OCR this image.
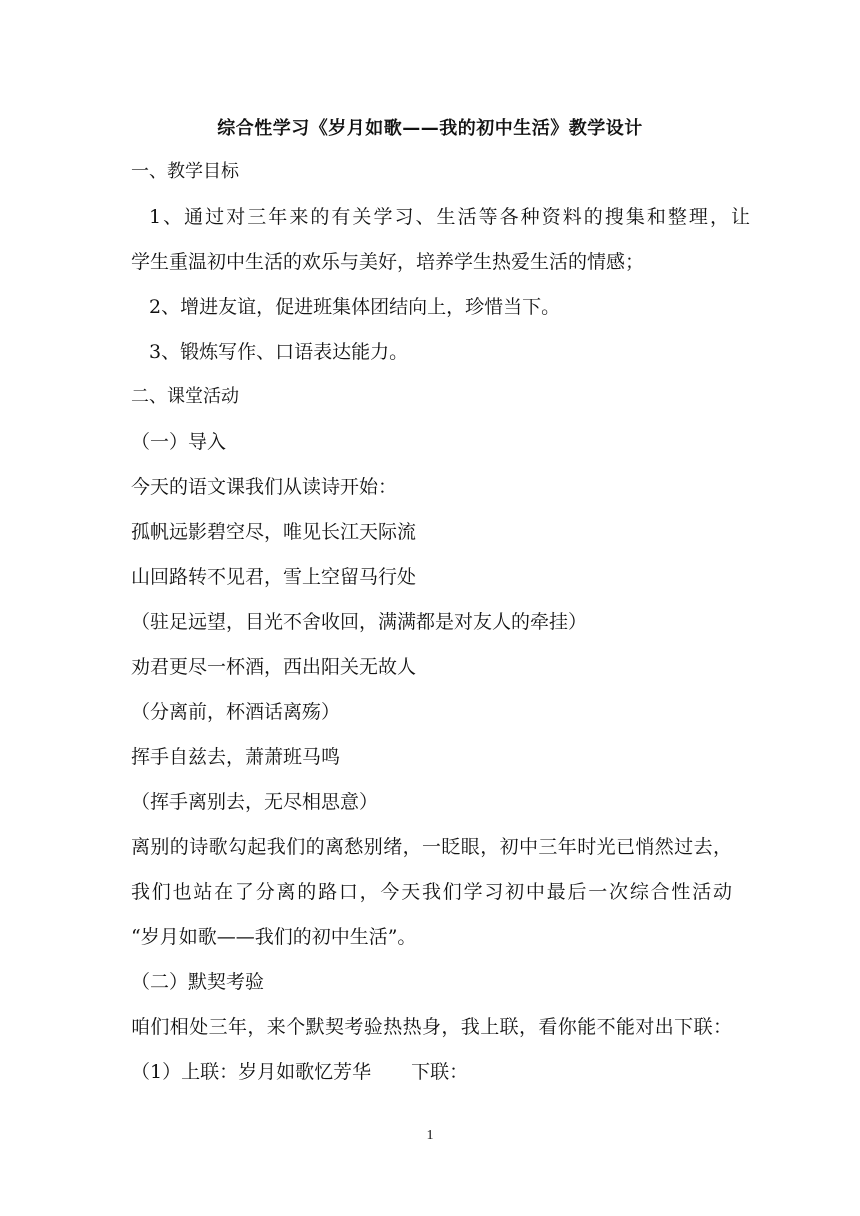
综合性学习《岁月如歌——我的初中生活》教学设计

一、教学目标

1、通过对三年来的有关学习、生活等各种资料的搜集和整理，让

学生重温初中生活的欢乐与美好，培养学生热爱生活的情感；

2、增进友谊，促进班集体团结向上，珍惜当下。

3、锻炼写作、口语表达能力。

二、课堂活动

（一）导入

今天的语文课我们从读诗开始：

孤帆远影碧空尽，唯见长江天际流

山回路转不见君，雪上空留马行处

（驻足远望，目光不舍收回，满满都是对友人的牵挂）

劝君更尽一杯酒，西出阳关无故人

（分离前，杯酒话离殇）

挥手自兹去，萧萧班马鸣

（挥手离别去，无尽相思意）

离别的诗歌勾起我们的离愁别绪，一眨眼，初中三年时光已悄然过去，

我们也站在了分离的路口，今天我们学习初中最后一次综合性活动

“岁月如歌——我们的初中生活”。

（二）默契考验

咱们相处三年，来个默契考验热热身，我上联，看你能不能对出下联：

（1）上联：岁月如歌忆芳华 下联：

1
